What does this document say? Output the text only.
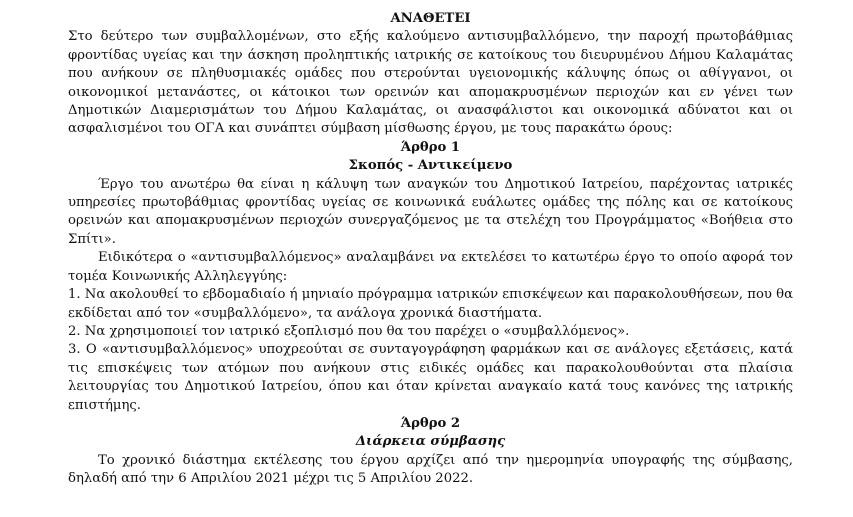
ΑΝΑΘΕΤΕΙ

Στο δεύτερο των συμβαλλομένων, στο εξής καλούμενο αντισυμβαλλόμενο, την παροχή πρωτοβάθμιας φροντίδας υγείας και την άσκηση προληπτικής ιατρικής σε κατοίκους του διευρυμένου Δήμου Καλαμάτας που ανήκουν σε πληθυσμιακές ομάδες που στερούνται υγειονομικής κάλυψης όπως οι αθίγγανοι, οι οικονομικοί μετανάστες, οι κάτοικοι των ορεινών και απομακρυσμένων περιοχών και εν γένει των Δημοτικών Διαμερισμάτων του Δήμου Καλαμάτας, οι ανασφάλιστοι και οικονομικά αδύνατοι και οι ασφαλισμένοι του ΟΓΑ και συνάπτει σύμβαση μίσθωσης έργου, με τους παρακάτω όρους:

Άρθρο 1
Σκοπός - Αντικείμενο

Έργο του ανωτέρω θα είναι η κάλυψη των αναγκών του Δημοτικού Ιατρείου, παρέχοντας ιατρικές υπηρεσίες πρωτοβάθμιας φροντίδας υγείας σε κοινωνικά ευάλωτες ομάδες της πόλης και σε κατοίκους ορεινών και απομακρυσμένων περιοχών συνεργαζόμενος με τα στελέχη του Προγράμματος «Βοήθεια στο Σπίτι».

Ειδικότερα ο «αντισυμβαλλόμενος» αναλαμβάνει να εκτελέσει το κατωτέρω έργο το οποίο αφορά τον τομέα Κοινωνικής Αλληλεγγύης:

1. Να ακολουθεί το εβδομαδιαίο ή μηνιαίο πρόγραμμα ιατρικών επισκέψεων και παρακολουθήσεων, που θα εκδίδεται από τον «συμβαλλόμενο», τα ανάλογα χρονικά διαστήματα.

2. Να χρησιμοποιεί τον ιατρικό εξοπλισμό που θα του παρέχει ο «συμβαλλόμενος».

3. Ο «αντισυμβαλλόμενος» υποχρεούται σε συνταγογράφηση φαρμάκων και σε ανάλογες εξετάσεις, κατά τις επισκέψεις των ατόμων που ανήκουν στις ειδικές ομάδες και παρακολουθούνται στα πλαίσια λειτουργίας του Δημοτικού Ιατρείου, όπου και όταν κρίνεται αναγκαίο κατά τους κανόνες της ιατρικής επιστήμης.

Άρθρο 2
Διάρκεια σύμβασης

Το χρονικό διάστημα εκτέλεσης του έργου αρχίζει από την ημερομηνία υπογραφής της σύμβασης, δηλαδή από την 6 Απριλίου 2021 μέχρι τις 5 Απριλίου 2022.
